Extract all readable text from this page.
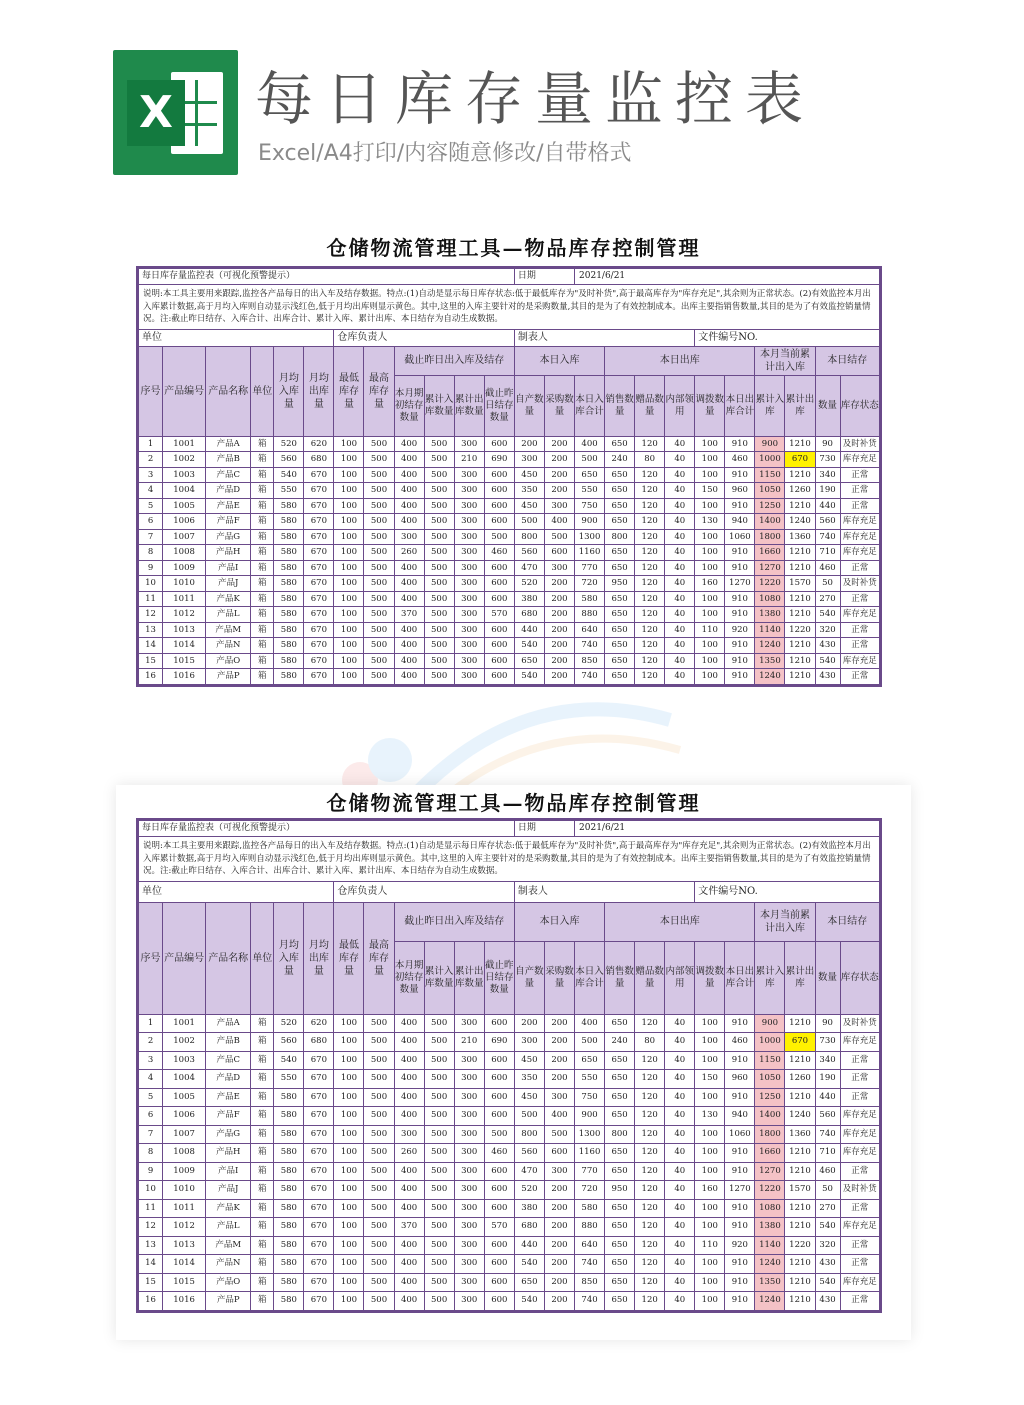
X 每日库存量监控表
Excel/A4打印/内容随意修改/自带格式
仓储物流管理工具—物品库存控制管理
每日库存量监控表（可视化预警提示）												日期		2021/6/21									
说明:本工具主要用来跟踪,监控各产品每日的出入车及结存数据。特点:(1)自动是显示每日库存状态:低于最低库存为"及时补货",高于最高库存为"库存充足",其余则为正常状态。(2)有效监控本月出入库累计数据,高于月均入库则自动显示浅红色,低于月均出库则显示黄色。其中,这里的入库主要针对的是采购数量,其目的是为了有效控制成本。出库主要指销售数量,其目的是为了有效监控销量情况。注:截止昨日结存、入库合计、出库合计、累计入库、累计出库、本日结存为自动生成数据。																							
单位						仓库负责人						制表人						文件编号NO.					
序号	产品编号	产品名称	单位	月均入库量	月均出库量	最低库存量	最高库存量	截止昨日出入库及结存				本日入库			本日出库					本月当前累计出入库		本日结存	
								本月期初结存数量	累计入库数量	累计出库数量	截止昨日结存数量	自产数量	采购数量	本日入库合计	销售数量	赠品数量	内部领用	调拨数量	本日出库合计	累计入库	累计出库	数量	库存状态
1	1001	产品A	箱	520	620	100	500	400	500	300	600	200	200	400	650	120	40	100	910	900	1210	90	及时补货
2	1002	产品B	箱	560	680	100	500	400	500	210	690	300	200	500	240	80	40	100	460	1000	670	730	库存充足
3	1003	产品C	箱	540	670	100	500	400	500	300	600	450	200	650	650	120	40	100	910	1150	1210	340	正常
4	1004	产品D	箱	550	670	100	500	400	500	300	600	350	200	550	650	120	40	150	960	1050	1260	190	正常
5	1005	产品E	箱	580	670	100	500	400	500	300	600	450	300	750	650	120	40	100	910	1250	1210	440	正常
6	1006	产品F	箱	580	670	100	500	400	500	300	600	500	400	900	650	120	40	130	940	1400	1240	560	库存充足
7	1007	产品G	箱	580	670	100	500	300	500	300	500	800	500	1300	800	120	40	100	1060	1800	1360	740	库存充足
8	1008	产品H	箱	580	670	100	500	260	500	300	460	560	600	1160	650	120	40	100	910	1660	1210	710	库存充足
9	1009	产品I	箱	580	670	100	500	400	500	300	600	470	300	770	650	120	40	100	910	1270	1210	460	正常
10	1010	产品J	箱	580	670	100	500	400	500	300	600	520	200	720	950	120	40	160	1270	1220	1570	50	及时补货
11	1011	产品K	箱	580	670	100	500	400	500	300	600	380	200	580	650	120	40	100	910	1080	1210	270	正常
12	1012	产品L	箱	580	670	100	500	370	500	300	570	680	200	880	650	120	40	100	910	1380	1210	540	库存充足
13	1013	产品M	箱	580	670	100	500	400	500	300	600	440	200	640	650	120	40	110	920	1140	1220	320	正常
14	1014	产品N	箱	580	670	100	500	400	500	300	600	540	200	740	650	120	40	100	910	1240	1210	430	正常
15	1015	产品O	箱	580	670	100	500	400	500	300	600	650	200	850	650	120	40	100	910	1350	1210	540	库存充足
16	1016	产品P	箱	580	670	100	500	400	500	300	600	540	200	740	650	120	40	100	910	1240	1210	430	正常
仓储物流管理工具—物品库存控制管理
每日库存量监控表（可视化预警提示）												日期		2021/6/21									
说明:本工具主要用来跟踪,监控各产品每日的出入车及结存数据。特点:(1)自动是显示每日库存状态:低于最低库存为"及时补货",高于最高库存为"库存充足",其余则为正常状态。(2)有效监控本月出入库累计数据,高于月均入库则自动显示浅红色,低于月均出库则显示黄色。其中,这里的入库主要针对的是采购数量,其目的是为了有效控制成本。出库主要指销售数量,其目的是为了有效监控销量情况。注:截止昨日结存、入库合计、出库合计、累计入库、累计出库、本日结存为自动生成数据。																							
单位						仓库负责人						制表人						文件编号NO.					
序号	产品编号	产品名称	单位	月均入库量	月均出库量	最低库存量	最高库存量	截止昨日出入库及结存				本日入库			本日出库					本月当前累计出入库		本日结存	
								本月期初结存数量	累计入库数量	累计出库数量	截止昨日结存数量	自产数量	采购数量	本日入库合计	销售数量	赠品数量	内部领用	调拨数量	本日出库合计	累计入库	累计出库	数量	库存状态
1	1001	产品A	箱	520	620	100	500	400	500	300	600	200	200	400	650	120	40	100	910	900	1210	90	及时补货
2	1002	产品B	箱	560	680	100	500	400	500	210	690	300	200	500	240	80	40	100	460	1000	670	730	库存充足
3	1003	产品C	箱	540	670	100	500	400	500	300	600	450	200	650	650	120	40	100	910	1150	1210	340	正常
4	1004	产品D	箱	550	670	100	500	400	500	300	600	350	200	550	650	120	40	150	960	1050	1260	190	正常
5	1005	产品E	箱	580	670	100	500	400	500	300	600	450	300	750	650	120	40	100	910	1250	1210	440	正常
6	1006	产品F	箱	580	670	100	500	400	500	300	600	500	400	900	650	120	40	130	940	1400	1240	560	库存充足
7	1007	产品G	箱	580	670	100	500	300	500	300	500	800	500	1300	800	120	40	100	1060	1800	1360	740	库存充足
8	1008	产品H	箱	580	670	100	500	260	500	300	460	560	600	1160	650	120	40	100	910	1660	1210	710	库存充足
9	1009	产品I	箱	580	670	100	500	400	500	300	600	470	300	770	650	120	40	100	910	1270	1210	460	正常
10	1010	产品J	箱	580	670	100	500	400	500	300	600	520	200	720	950	120	40	160	1270	1220	1570	50	及时补货
11	1011	产品K	箱	580	670	100	500	400	500	300	600	380	200	580	650	120	40	100	910	1080	1210	270	正常
12	1012	产品L	箱	580	670	100	500	370	500	300	570	680	200	880	650	120	40	100	910	1380	1210	540	库存充足
13	1013	产品M	箱	580	670	100	500	400	500	300	600	440	200	640	650	120	40	110	920	1140	1220	320	正常
14	1014	产品N	箱	580	670	100	500	400	500	300	600	540	200	740	650	120	40	100	910	1240	1210	430	正常
15	1015	产品O	箱	580	670	100	500	400	500	300	600	650	200	850	650	120	40	100	910	1350	1210	540	库存充足
16	1016	产品P	箱	580	670	100	500	400	500	300	600	540	200	740	650	120	40	100	910	1240	1210	430	正常
